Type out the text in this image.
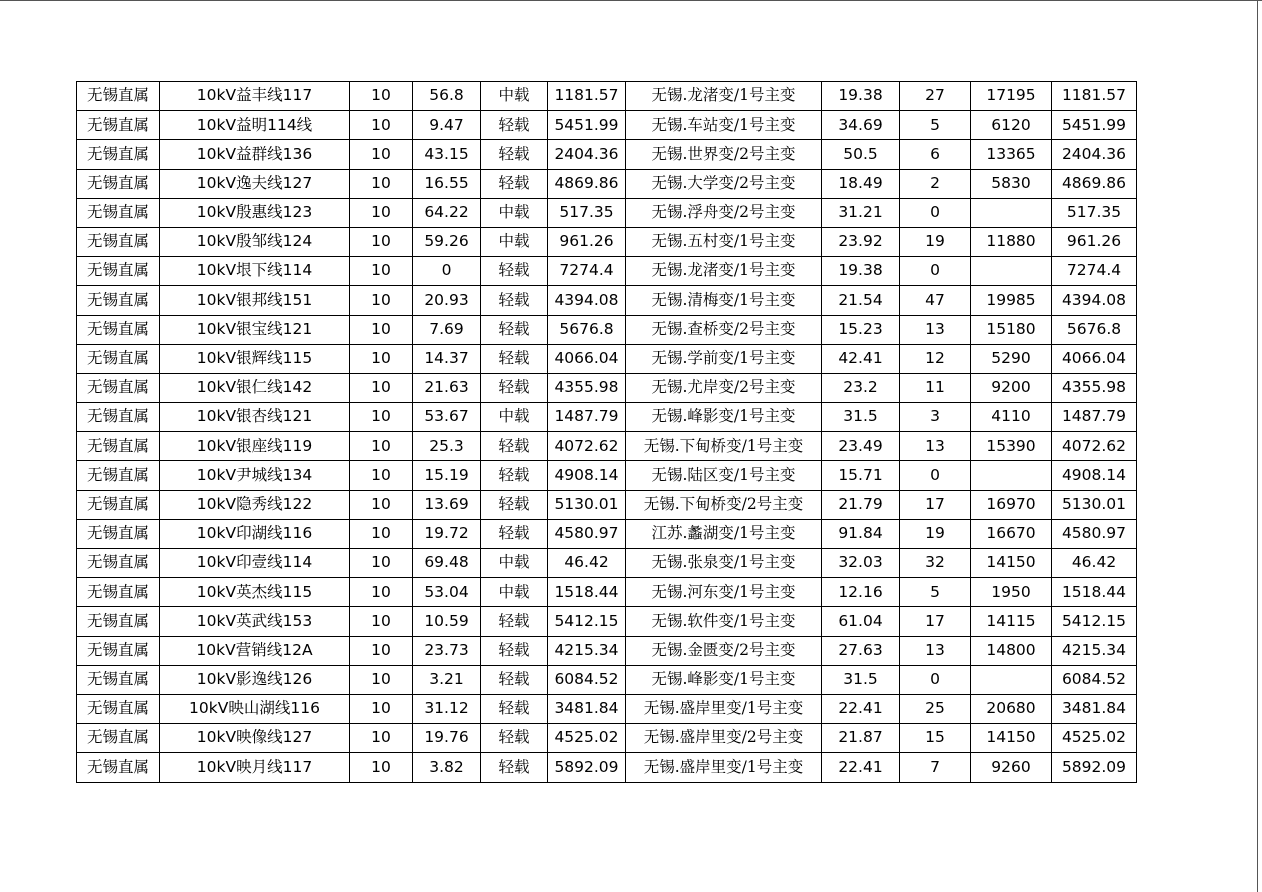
无锡直属	10kV益丰线117	10	56.8	中载	1181.57	无锡.龙渚变/1号主变	19.38	27	17195	1181.57
无锡直属	10kV益明114线	10	9.47	轻载	5451.99	无锡.车站变/1号主变	34.69	5	6120	5451.99
无锡直属	10kV益群线136	10	43.15	轻载	2404.36	无锡.世界变/2号主变	50.5	6	13365	2404.36
无锡直属	10kV逸夫线127	10	16.55	轻载	4869.86	无锡.大学变/2号主变	18.49	2	5830	4869.86
无锡直属	10kV殷惠线123	10	64.22	中载	517.35	无锡.浮舟变/2号主变	31.21	0		517.35
无锡直属	10kV殷邹线124	10	59.26	中载	961.26	无锡.五村变/1号主变	23.92	19	11880	961.26
无锡直属	10kV垠下线114	10	0	轻载	7274.4	无锡.龙渚变/1号主变	19.38	0		7274.4
无锡直属	10kV银邦线151	10	20.93	轻载	4394.08	无锡.清梅变/1号主变	21.54	47	19985	4394.08
无锡直属	10kV银宝线121	10	7.69	轻载	5676.8	无锡.查桥变/2号主变	15.23	13	15180	5676.8
无锡直属	10kV银辉线115	10	14.37	轻载	4066.04	无锡.学前变/1号主变	42.41	12	5290	4066.04
无锡直属	10kV银仁线142	10	21.63	轻载	4355.98	无锡.尤岸变/2号主变	23.2	11	9200	4355.98
无锡直属	10kV银杏线121	10	53.67	中载	1487.79	无锡.峰影变/1号主变	31.5	3	4110	1487.79
无锡直属	10kV银座线119	10	25.3	轻载	4072.62	无锡.下甸桥变/1号主变	23.49	13	15390	4072.62
无锡直属	10kV尹城线134	10	15.19	轻载	4908.14	无锡.陆区变/1号主变	15.71	0		4908.14
无锡直属	10kV隐秀线122	10	13.69	轻载	5130.01	无锡.下甸桥变/2号主变	21.79	17	16970	5130.01
无锡直属	10kV印湖线116	10	19.72	轻载	4580.97	江苏.蠡湖变/1号主变	91.84	19	16670	4580.97
无锡直属	10kV印壹线114	10	69.48	中载	46.42	无锡.张泉变/1号主变	32.03	32	14150	46.42
无锡直属	10kV英杰线115	10	53.04	中载	1518.44	无锡.河东变/1号主变	12.16	5	1950	1518.44
无锡直属	10kV英武线153	10	10.59	轻载	5412.15	无锡.软件变/1号主变	61.04	17	14115	5412.15
无锡直属	10kV营销线12A	10	23.73	轻载	4215.34	无锡.金匮变/2号主变	27.63	13	14800	4215.34
无锡直属	10kV影逸线126	10	3.21	轻载	6084.52	无锡.峰影变/1号主变	31.5	0		6084.52
无锡直属	10kV映山湖线116	10	31.12	轻载	3481.84	无锡.盛岸里变/1号主变	22.41	25	20680	3481.84
无锡直属	10kV映像线127	10	19.76	轻载	4525.02	无锡.盛岸里变/2号主变	21.87	15	14150	4525.02
无锡直属	10kV映月线117	10	3.82	轻载	5892.09	无锡.盛岸里变/1号主变	22.41	7	9260	5892.09
